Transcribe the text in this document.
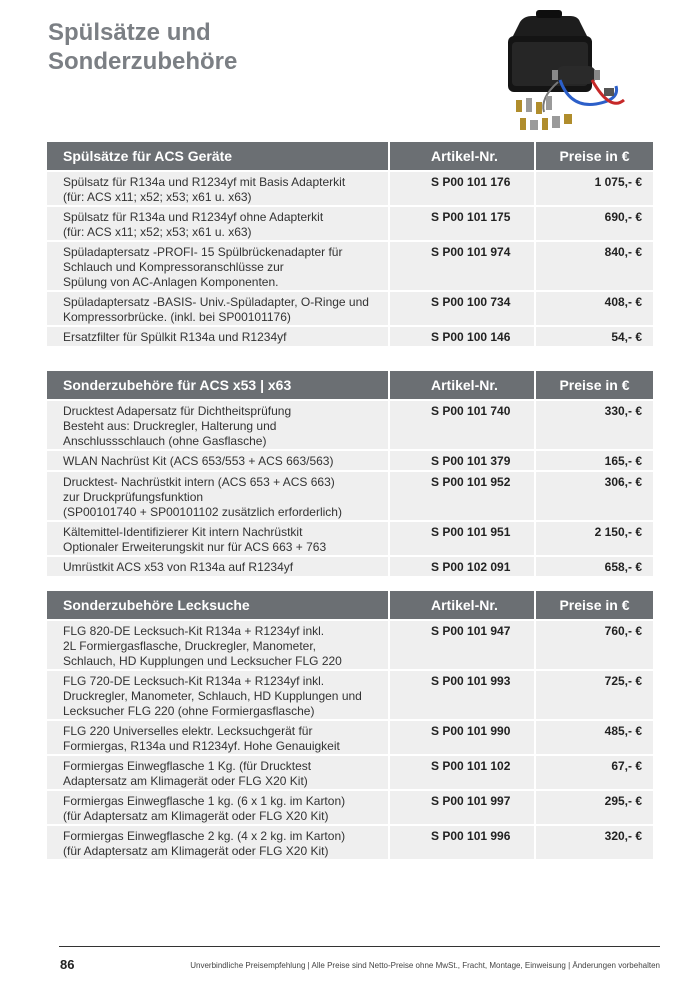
Spülsätze und
Sonderzubehöre
Spülsätze für ACS Geräte	Artikel-Nr.	Preise in €
Spülsatz für R134a und R1234yf mit Basis Adapterkit
(für: ACS x11; x52; x53; x61 u. x63)
S P00 101 176	1 075,- €
Spülsatz für R134a und R1234yf ohne Adapterkit
(für: ACS x11; x52; x53; x61 u. x63)
S P00 101 175	690,- €
Spüladaptersatz -PROFI- 15 Spülbrückenadapter für
Schlauch und Kompressoranschlüsse zur
Spülung von AC-Anlagen Komponenten.
S P00 101 974	840,- €
Spüladaptersatz -BASIS- Univ.-Spüladapter, O-Ringe und
Kompressorbrücke. (inkl. bei SP00101176)
S P00 100 734	408,- €
Ersatzfilter für Spülkit R134a und R1234yf	S P00 100 146	54,- €
Sonderzubehöre für ACS x53 | x63	Artikel-Nr.	Preise in €
Drucktest Adapersatz für Dichtheitsprüfung
Besteht aus: Druckregler, Halterung und
Anschlussschlauch (ohne Gasflasche)
S P00 101 740	330,- €
WLAN Nachrüst Kit (ACS 653/553 + ACS 663/563)	S P00 101 379	165,- €
Drucktest- Nachrüstkit intern (ACS 653 + ACS 663)
zur Druckprüfungsfunktion
(SP00101740 + SP00101102 zusätzlich erforderlich)
S P00 101 952	306,- €
Kältemittel-Identifizierer Kit intern Nachrüstkit
Optionaler Erweiterungskit nur für ACS 663 + 763
S P00 101 951	2 150,- €
Umrüstkit ACS x53 von R134a auf R1234yf	S P00 102 091	658,- €
Sonderzubehöre Lecksuche	Artikel-Nr.	Preise in €
FLG 820-DE Lecksuch-Kit R134a + R1234yf inkl.
2L Formiergasflasche, Druckregler, Manometer,
Schlauch, HD Kupplungen und Lecksucher FLG 220
S P00 101 947	760,- €
FLG 720-DE Lecksuch-Kit R134a + R1234yf inkl.
Druckregler, Manometer, Schlauch, HD Kupplungen und
Lecksucher FLG 220 (ohne Formiergasflasche)
S P00 101 993	725,- €
FLG 220 Universelles elektr. Lecksuchgerät für
Formiergas, R134a und R1234yf. Hohe Genauigkeit
S P00 101 990	485,- €
Formiergas Einwegflasche 1 Kg. (für Drucktest
Adaptersatz am Klimagerät oder FLG X20 Kit)
S P00 101 102	67,- €
Formiergas Einwegflasche 1 kg. (6 x 1 kg. im Karton)
(für Adaptersatz am Klimagerät oder FLG X20 Kit)
S P00 101 997	295,- €
Formiergas Einwegflasche 2 kg. (4 x 2 kg. im Karton)
(für Adaptersatz am Klimagerät oder FLG X20 Kit)
S P00 101 996	320,- €
86	Unverbindliche Preisempfehlung | Alle Preise sind Netto-Preise ohne MwSt., Fracht, Montage, Einweisung | Änderungen vorbehalten
